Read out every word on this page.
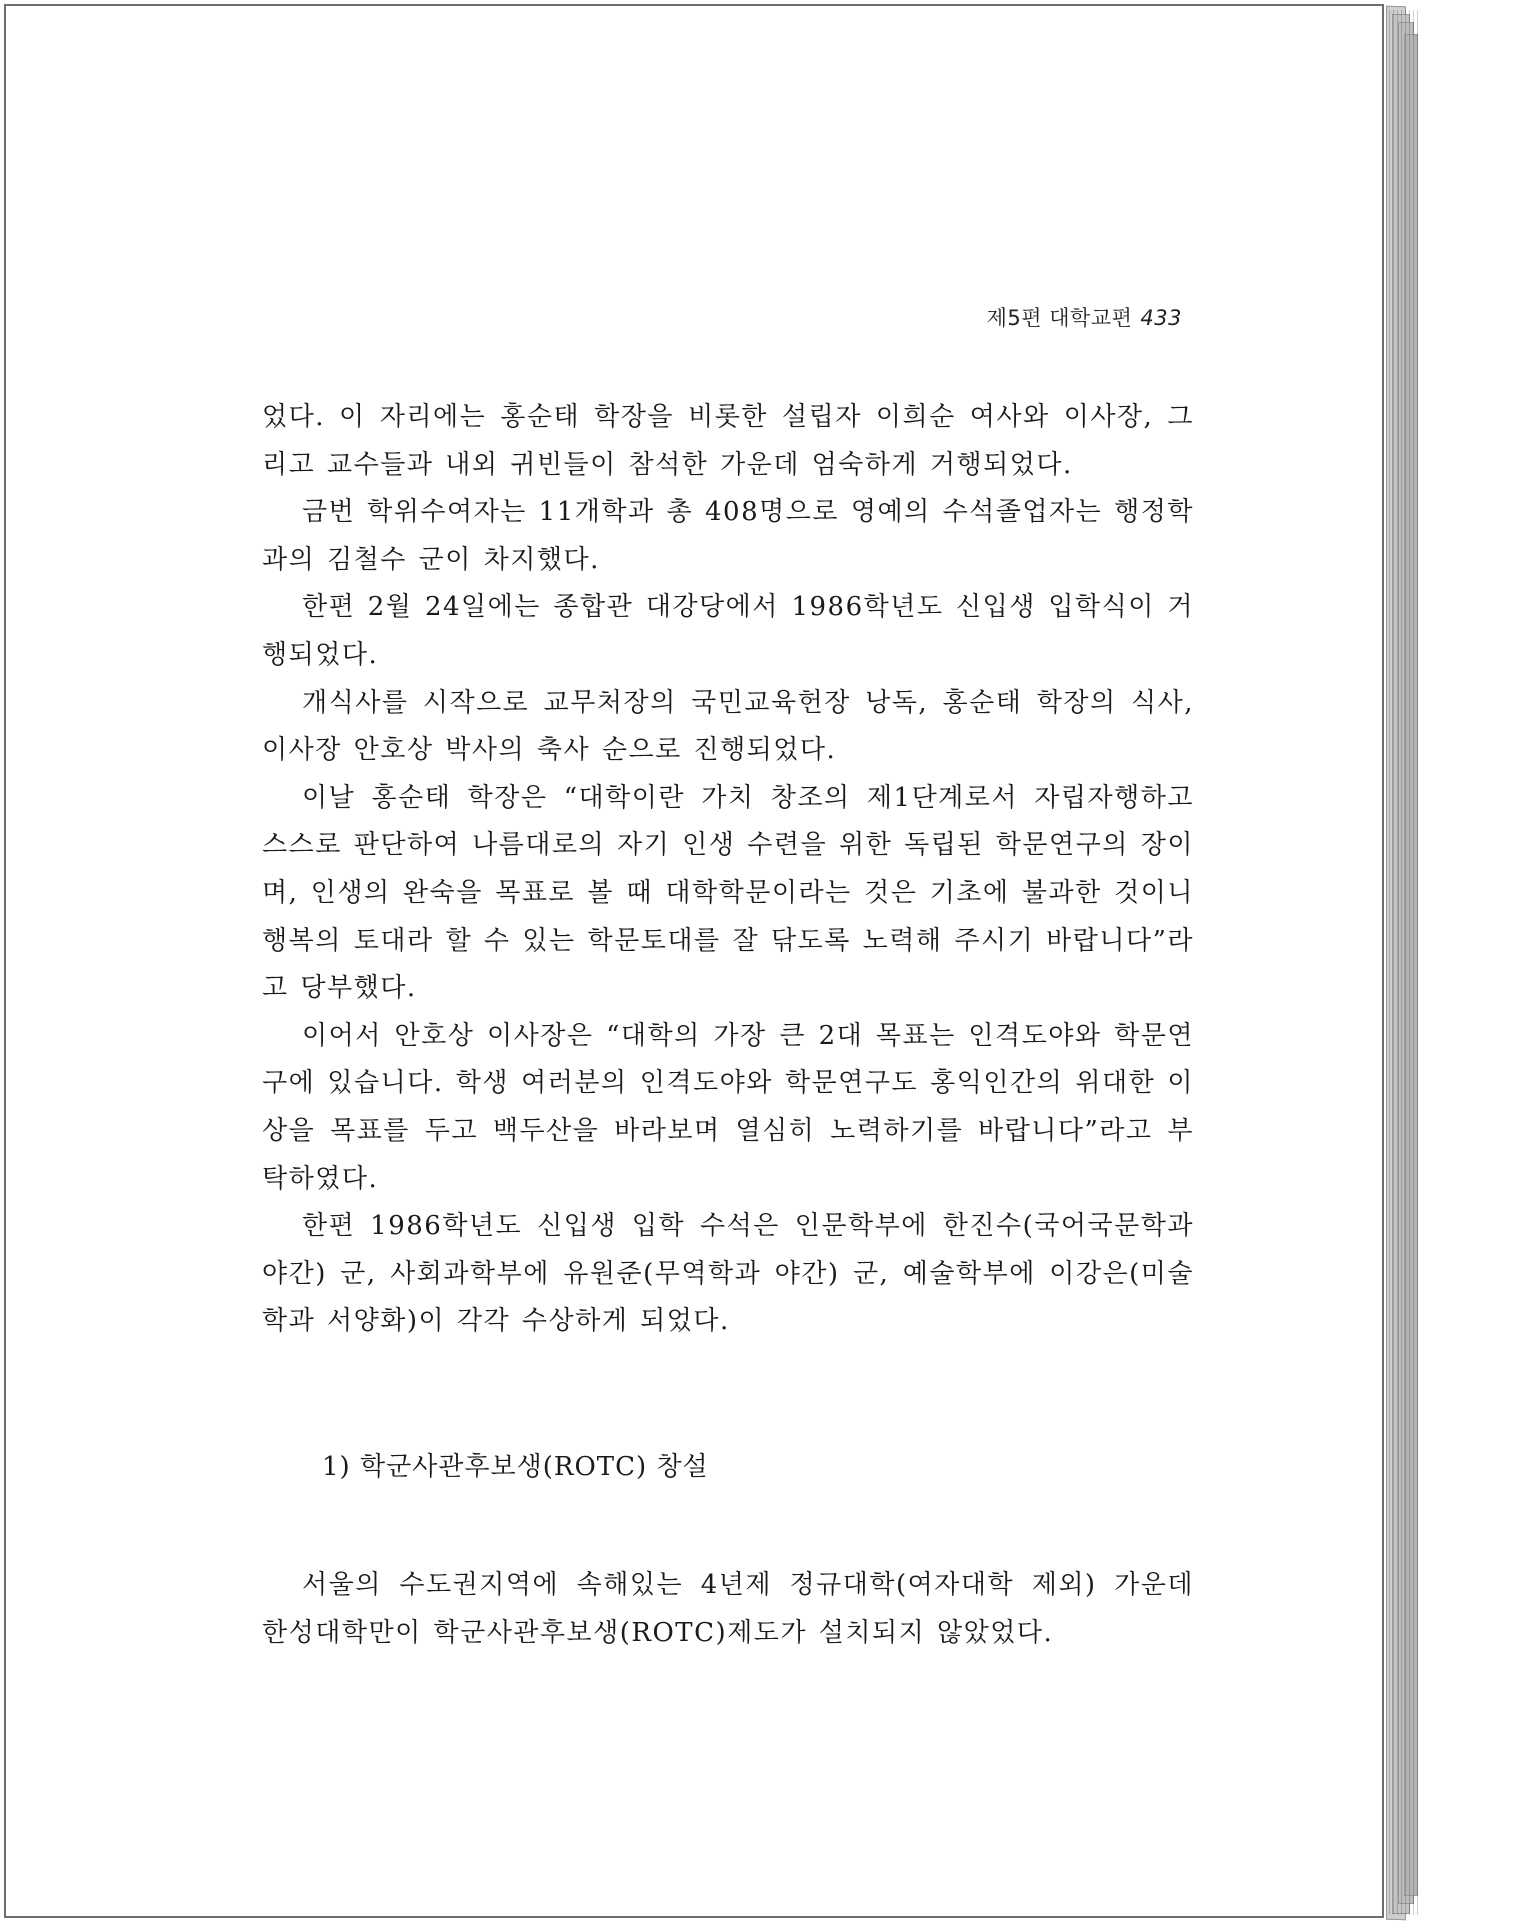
제5편 대학교편 433

었다. 이 자리에는 홍순태 학장을 비롯한 설립자 이희순 여사와 이사장, 그리고 교수들과 내외 귀빈들이 참석한 가운데 엄숙하게 거행되었다.

금번 학위수여자는 11개학과 총 408명으로 영예의 수석졸업자는 행정학과의 김철수 군이 차지했다.

한편 2월 24일에는 종합관 대강당에서 1986학년도 신입생 입학식이 거행되었다.

개식사를 시작으로 교무처장의 국민교육헌장 낭독, 홍순태 학장의 식사, 이사장 안호상 박사의 축사 순으로 진행되었다.

이날 홍순태 학장은 “대학이란 가치 창조의 제1단계로서 자립자행하고 스스로 판단하여 나름대로의 자기 인생 수련을 위한 독립된 학문연구의 장이며, 인생의 완숙을 목표로 볼 때 대학학문이라는 것은 기초에 불과한 것이니 행복의 토대라 할 수 있는 학문토대를 잘 닦도록 노력해 주시기 바랍니다”라고 당부했다.

이어서 안호상 이사장은 “대학의 가장 큰 2대 목표는 인격도야와 학문연구에 있습니다. 학생 여러분의 인격도야와 학문연구도 홍익인간의 위대한 이상을 목표를 두고 백두산을 바라보며 열심히 노력하기를 바랍니다”라고 부탁하였다.

한편 1986학년도 신입생 입학 수석은 인문학부에 한진수(국어국문학과 야간) 군, 사회과학부에 유원준(무역학과 야간) 군, 예술학부에 이강은(미술학과 서양화)이 각각 수상하게 되었다.

1) 학군사관후보생(ROTC) 창설

서울의 수도권지역에 속해있는 4년제 정규대학(여자대학 제외) 가운데 한성대학만이 학군사관후보생(ROTC)제도가 설치되지 않았었다.
